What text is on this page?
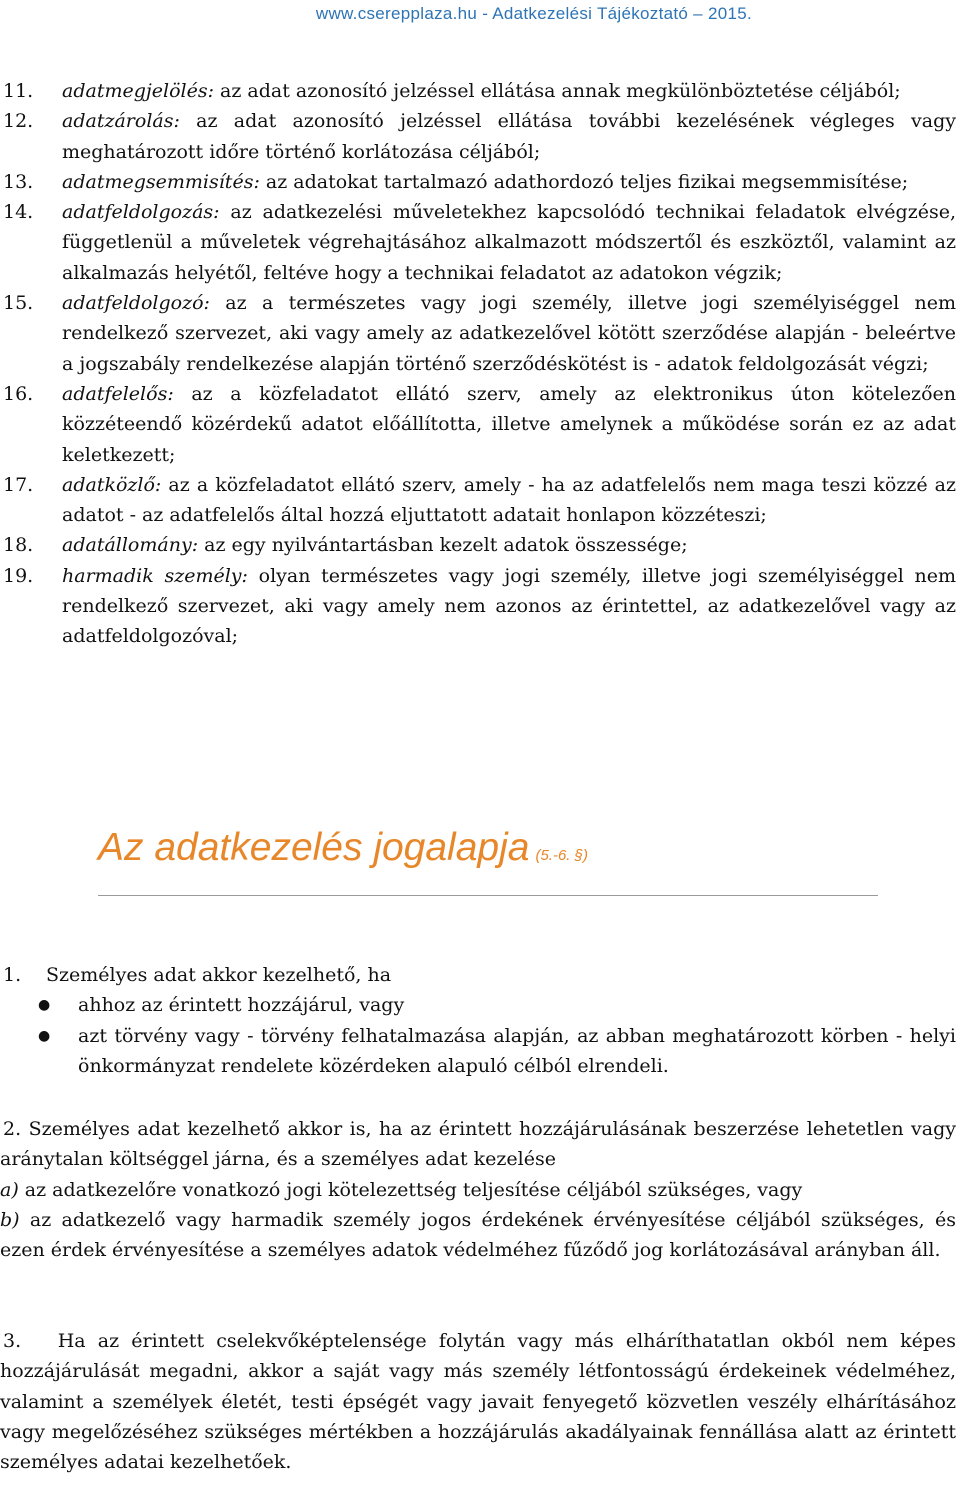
www.cserepplaza.hu - Adatkezelési Tájékoztató – 2015.
11. adatmegjelölés: az adat azonosító jelzéssel ellátása annak megkülönböztetése céljából;
12. adatzárolás: az adat azonosító jelzéssel ellátása további kezelésének végleges vagy meghatározott időre történő korlátozása céljából;
13. adatmegsemmisítés: az adatokat tartalmazó adathordozó teljes fizikai megsemmisítése;
14. adatfeldolgozás: az adatkezelési műveletekhez kapcsolódó technikai feladatok elvégzése, függetlenül a műveletek végrehajtásához alkalmazott módszertől és eszköztől, valamint az alkalmazás helyétől, feltéve hogy a technikai feladatot az adatokon végzik;
15. adatfeldolgozó: az a természetes vagy jogi személy, illetve jogi személyiséggel nem rendelkező szervezet, aki vagy amely az adatkezelővel kötött szerződése alapján - beleértve a jogszabály rendelkezése alapján történő szerződéskötést is - adatok feldolgozását végzi;
16. adatfelelős: az a közfeladatot ellátó szerv, amely az elektronikus úton kötelezően közzéteendő közérdekű adatot előállította, illetve amelynek a működése során ez az adat keletkezett;
17. adatközlő: az a közfeladatot ellátó szerv, amely - ha az adatfelelős nem maga teszi közzé az adatot - az adatfelelős által hozzá eljuttatott adatait honlapon közzéteszi;
18. adatállomány: az egy nyilvántartásban kezelt adatok összessége;
19. harmadik személy: olyan természetes vagy jogi személy, illetve jogi személyiséggel nem rendelkező szervezet, aki vagy amely nem azonos az érintettel, az adatkezelővel vagy az adatfeldolgozóval;
Az adatkezelés jogalapja (5.-6. §)
1. Személyes adat akkor kezelhető, ha
● ahhoz az érintett hozzájárul, vagy
● azt törvény vagy - törvény felhatalmazása alapján, az abban meghatározott körben - helyi önkormányzat rendelete közérdeken alapuló célból elrendeli.
2. Személyes adat kezelhető akkor is, ha az érintett hozzájárulásának beszerzése lehetetlen vagy aránytalan költséggel járna, és a személyes adat kezelése
a) az adatkezelőre vonatkozó jogi kötelezettség teljesítése céljából szükséges, vagy
b) az adatkezelő vagy harmadik személy jogos érdekének érvényesítése céljából szükséges, és ezen érdek érvényesítése a személyes adatok védelméhez fűződő jog korlátozásával arányban áll.
3. Ha az érintett cselekvőképtelensége folytán vagy más elháríthatatlan okból nem képes hozzájárulását megadni, akkor a saját vagy más személy létfontosságú érdekeinek védelméhez, valamint a személyek életét, testi épségét vagy javait fenyegető közvetlen veszély elhárításához vagy megelőzéséhez szükséges mértékben a hozzájárulás akadályainak fennállása alatt az érintett személyes adatai kezelhetőek.
